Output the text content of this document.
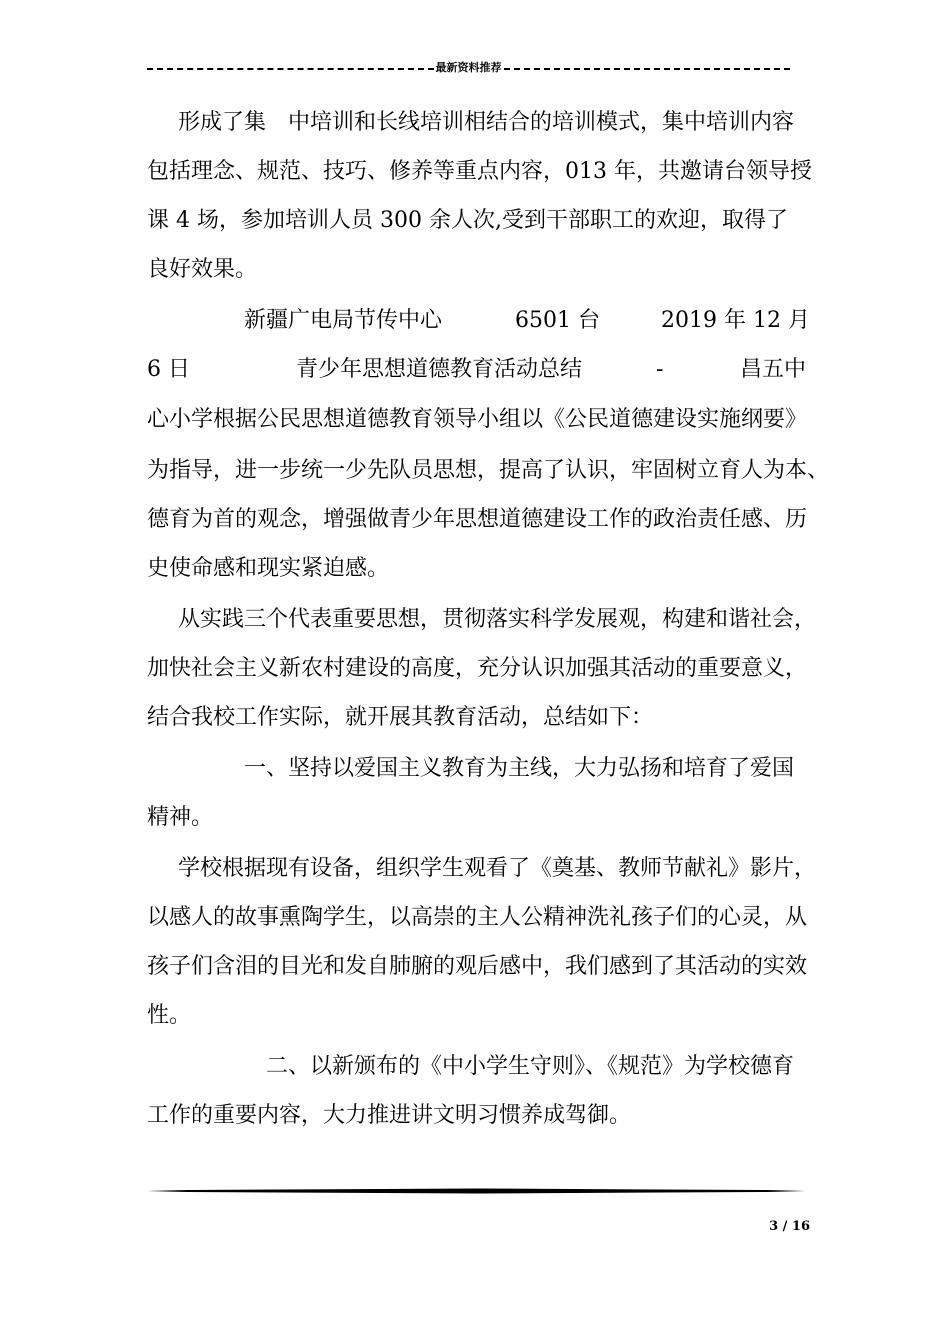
最新资料推荐
形成了集　中培训和长线培训相结合的培训模式，集中培训内容
包括理念、规范、技巧、修养等重点内容，013 年，共邀请台领导授
课 4 场，参加培训人员 300 余人次,受到干部职工的欢迎，取得了
良好效果。
新疆广电局节传中心	6501 台	2019 年 12 月
6 日	青少年思想道德教育活动总结	-	昌五中
心小学根据公民思想道德教育领导小组以《公民道德建设实施纲要》
为指导，进一步统一少先队员思想，提高了认识，牢固树立育人为本、
德育为首的观念，增强做青少年思想道德建设工作的政治责任感、历
史使命感和现实紧迫感。
从实践三个代表重要思想，贯彻落实科学发展观，构建和谐社会，
加快社会主义新农村建设的高度，充分认识加强其活动的重要意义，
结合我校工作实际，就开展其教育活动，总结如下：
一、坚持以爱国主义教育为主线，大力弘扬和培育了爱国
精神。
学校根据现有设备，组织学生观看了《奠基、教师节献礼》影片，
以感人的故事熏陶学生，以高崇的主人公精神洗礼孩子们的心灵，从
孩子们含泪的目光和发自肺腑的观后感中，我们感到了其活动的实效
性。
二、以新颁布的《中小学生守则》、《规范》为学校德育
工作的重要内容，大力推进讲文明习惯养成驾御。
3 / 16
